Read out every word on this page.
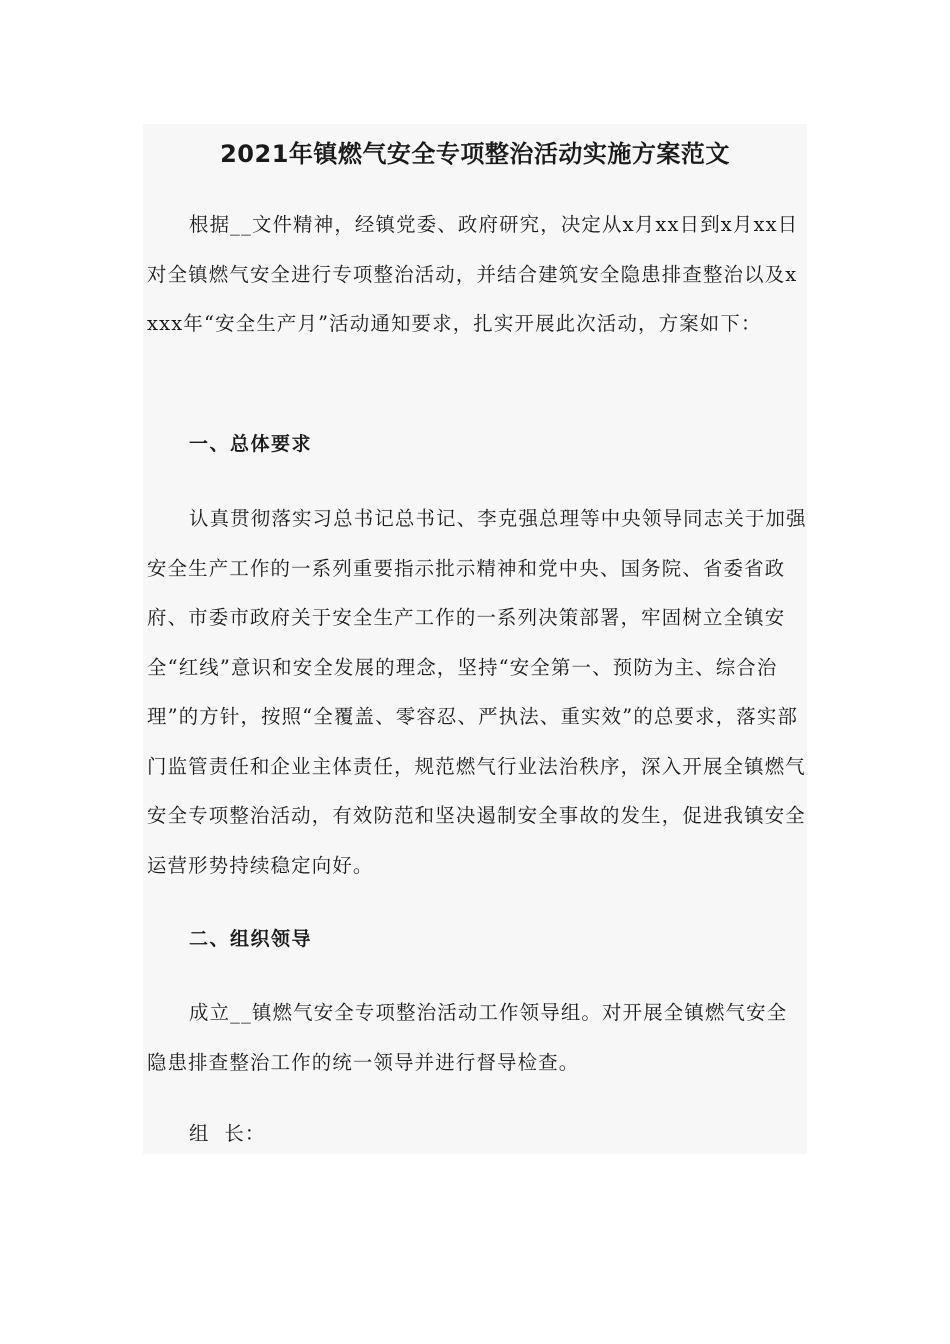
2021年镇燃气安全专项整治活动实施方案范文

根据__文件精神，经镇党委、政府研究，决定从x月xx日到x月xx日对全镇燃气安全进行专项整治活动，并结合建筑安全隐患排查整治以及xxxx年“安全生产月”活动通知要求，扎实开展此次活动，方案如下：

一、总体要求

认真贯彻落实习总书记总书记、李克强总理等中央领导同志关于加强安全生产工作的一系列重要指示批示精神和党中央、国务院、省委省政府、市委市政府关于安全生产工作的一系列决策部署，牢固树立全镇安全“红线”意识和安全发展的理念，坚持“安全第一、预防为主、综合治理”的方针，按照“全覆盖、零容忍、严执法、重实效”的总要求，落实部门监管责任和企业主体责任，规范燃气行业法治秩序，深入开展全镇燃气安全专项整治活动，有效防范和坚决遏制安全事故的发生，促进我镇安全运营形势持续稳定向好。

二、组织领导

成立__镇燃气安全专项整治活动工作领导组。对开展全镇燃气安全隐患排查整治工作的统一领导并进行督导检查。

组  长：
